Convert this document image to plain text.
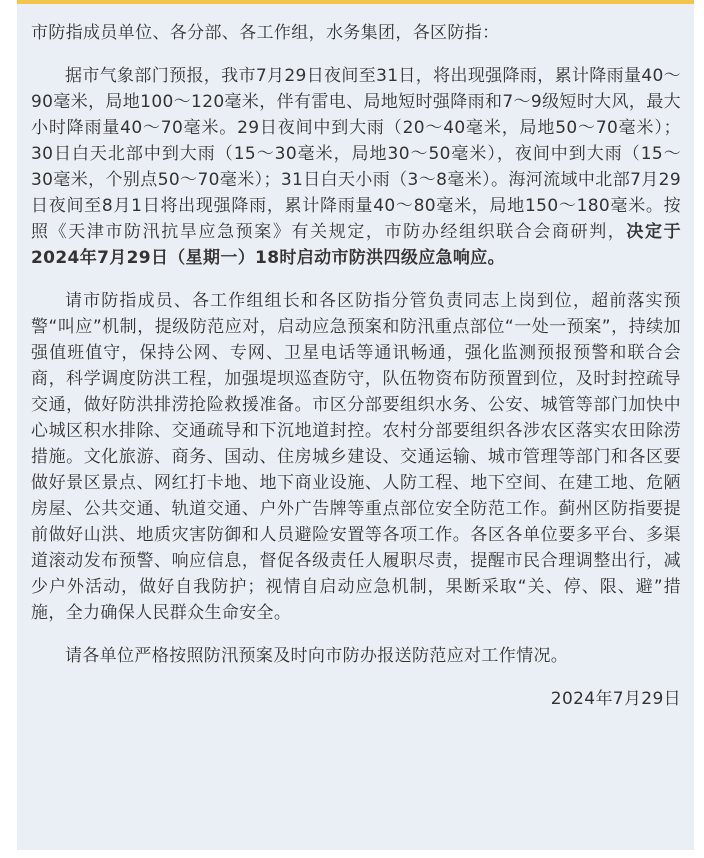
市防指成员单位、各分部、各工作组，水务集团，各区防指：

据市气象部门预报，我市7月29日夜间至31日，将出现强降雨，累计降雨量40～90毫米，局地100～120毫米，伴有雷电、局地短时强降雨和7～9级短时大风，最大小时降雨量40～70毫米。29日夜间中到大雨（20～40毫米，局地50～70毫米）；30日白天北部中到大雨（15～30毫米，局地30～50毫米），夜间中到大雨（15～30毫米，个别点50～70毫米）；31日白天小雨（3～8毫米）。海河流域中北部7月29日夜间至8月1日将出现强降雨，累计降雨量40～80毫米，局地150～180毫米。按照《天津市防汛抗旱应急预案》有关规定，市防办经组织联合会商研判，决定于2024年7月29日（星期一）18时启动市防洪四级应急响应。

请市防指成员、各工作组组长和各区防指分管负责同志上岗到位，超前落实预警“叫应”机制，提级防范应对，启动应急预案和防汛重点部位“一处一预案”，持续加强值班值守，保持公网、专网、卫星电话等通讯畅通，强化监测预报预警和联合会商，科学调度防洪工程，加强堤坝巡查防守，队伍物资布防预置到位，及时封控疏导交通，做好防洪排涝抢险救援准备。市区分部要组织水务、公安、城管等部门加快中心城区积水排除、交通疏导和下沉地道封控。农村分部要组织各涉农区落实农田除涝措施。文化旅游、商务、国动、住房城乡建设、交通运输、城市管理等部门和各区要做好景区景点、网红打卡地、地下商业设施、人防工程、地下空间、在建工地、危陋房屋、公共交通、轨道交通、户外广告牌等重点部位安全防范工作。蓟州区防指要提前做好山洪、地质灾害防御和人员避险安置等各项工作。各区各单位要多平台、多渠道滚动发布预警、响应信息，督促各级责任人履职尽责，提醒市民合理调整出行，减少户外活动，做好自我防护；视情自启动应急机制，果断采取“关、停、限、避”措施，全力确保人民群众生命安全。

请各单位严格按照防汛预案及时向市防办报送防范应对工作情况。

2024年7月29日
